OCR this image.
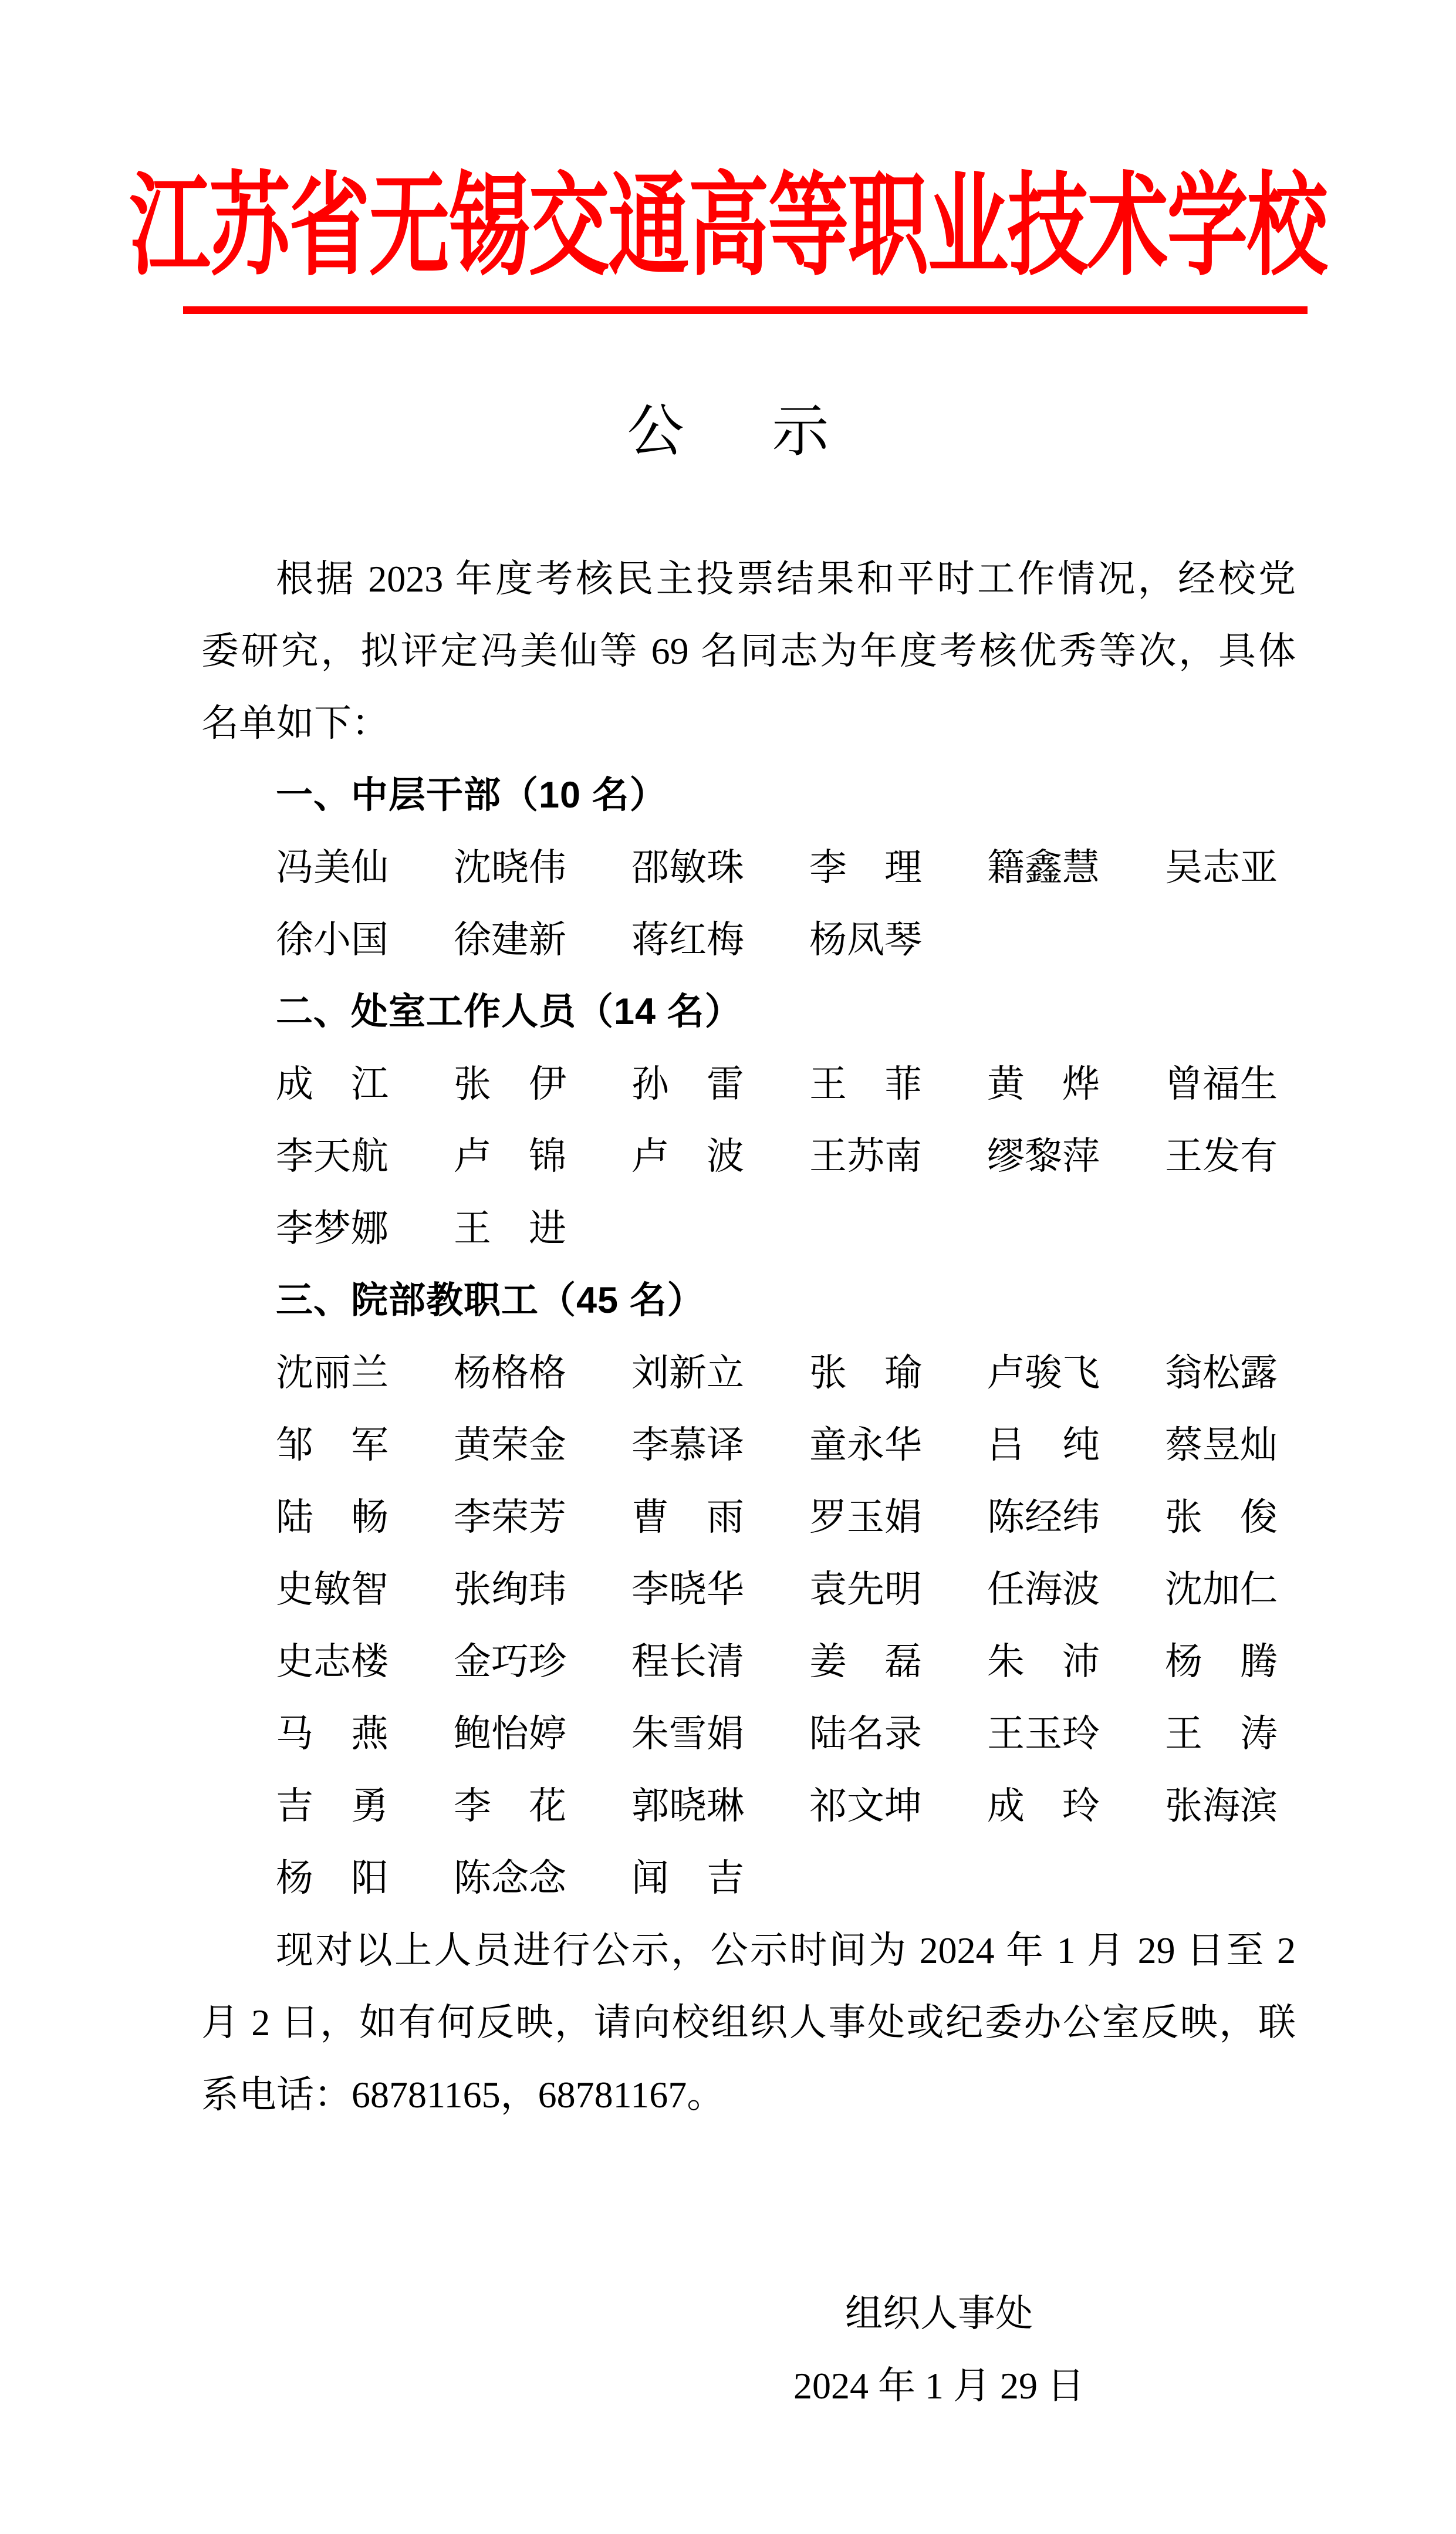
江苏省无锡交通高等职业技术学校
公 示
根据 2023 年度考核民主投票结果和平时工作情况，经校党
委研究，拟评定冯美仙等 69 名同志为年度考核优秀等次，具体
名单如下：
一、中层干部（10 名）
冯美仙	沈晓伟	邵敏珠	李　理	籍鑫慧	吴志亚
徐小国	徐建新	蒋红梅	杨凤琴
二、处室工作人员（14 名）
成　江	张　伊	孙　雷	王　菲	黄　烨	曾福生
李天航	卢　锦	卢　波	王苏南	缪黎萍	王发有
李梦娜	王　进
三、院部教职工（45 名）
沈丽兰	杨格格	刘新立	张　瑜	卢骏飞	翁松露
邹　军	黄荣金	李慕译	童永华	吕　纯	蔡昱灿
陆　畅	李荣芳	曹　雨	罗玉娟	陈经纬	张　俊
史敏智	张绚玮	李晓华	袁先明	任海波	沈加仁
史志楼	金巧珍	程长清	姜　磊	朱　沛	杨　腾
马　燕	鲍怡婷	朱雪娟	陆名录	王玉玲	王　涛
吉　勇	李　花	郭晓琳	祁文坤	成　玲	张海滨
杨　阳	陈念念	闻　吉
现对以上人员进行公示，公示时间为 2024 年 1 月 29 日至 2
月 2 日，如有何反映，请向校组织人事处或纪委办公室反映，联
系电话：68781165，68781167。
组织人事处
2024 年 1 月 29 日
